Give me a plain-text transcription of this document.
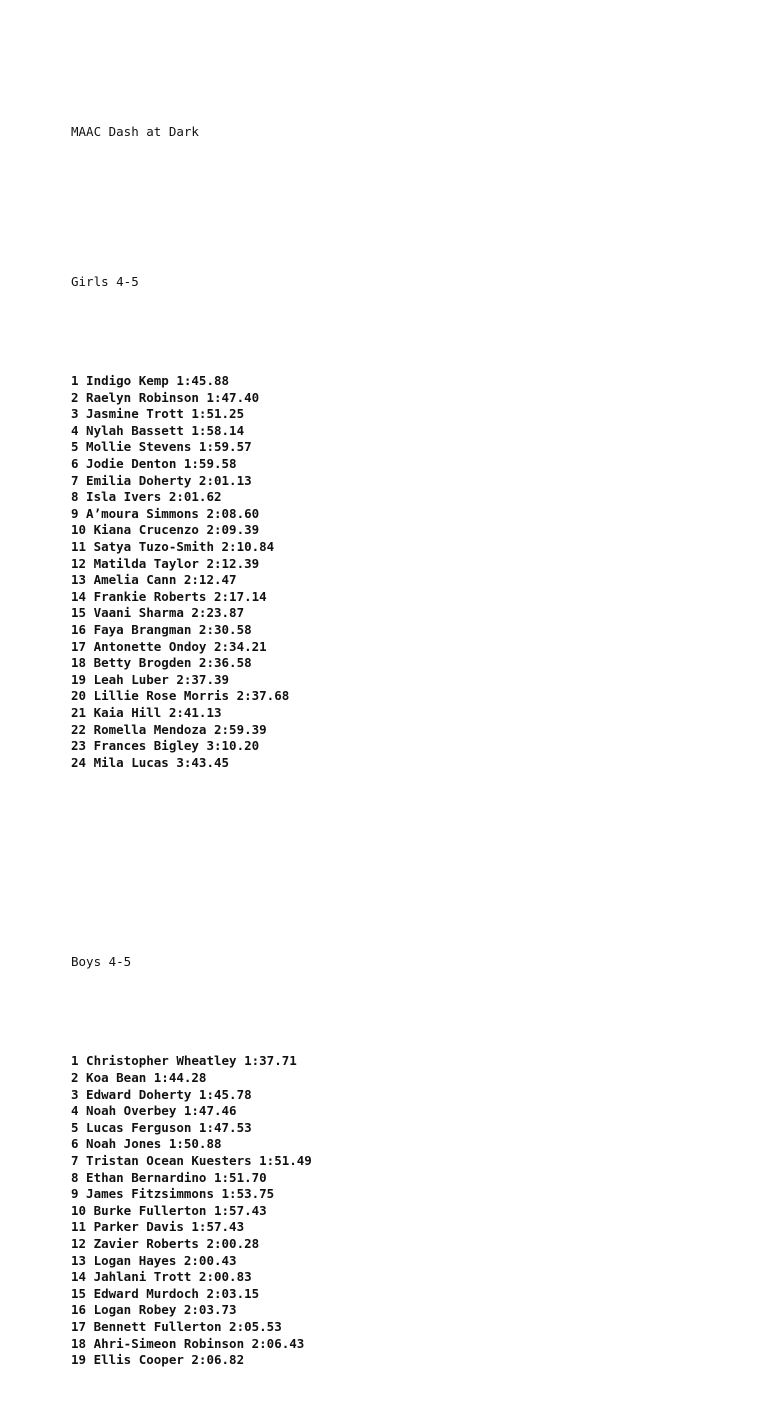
MAAC Dash at Dark

Girls 4-5

1 Indigo Kemp 1:45.88
2 Raelyn Robinson 1:47.40
3 Jasmine Trott 1:51.25
4 Nylah Bassett 1:58.14
5 Mollie Stevens 1:59.57
6 Jodie Denton 1:59.58
7 Emilia Doherty 2:01.13
8 Isla Ivers 2:01.62
9 A’moura Simmons 2:08.60
10 Kiana Crucenzo 2:09.39
11 Satya Tuzo-Smith 2:10.84
12 Matilda Taylor 2:12.39
13 Amelia Cann 2:12.47
14 Frankie Roberts 2:17.14
15 Vaani Sharma 2:23.87
16 Faya Brangman 2:30.58
17 Antonette Ondoy 2:34.21
18 Betty Brogden 2:36.58
19 Leah Luber 2:37.39
20 Lillie Rose Morris 2:37.68
21 Kaia Hill 2:41.13
22 Romella Mendoza 2:59.39
23 Frances Bigley 3:10.20
24 Mila Lucas 3:43.45

Boys 4-5

1 Christopher Wheatley 1:37.71
2 Koa Bean 1:44.28
3 Edward Doherty 1:45.78
4 Noah Overbey 1:47.46
5 Lucas Ferguson 1:47.53
6 Noah Jones 1:50.88
7 Tristan Ocean Kuesters 1:51.49
8 Ethan Bernardino 1:51.70
9 James Fitzsimmons 1:53.75
10 Burke Fullerton 1:57.43
11 Parker Davis 1:57.43
12 Zavier Roberts 2:00.28
13 Logan Hayes 2:00.43
14 Jahlani Trott 2:00.83
15 Edward Murdoch 2:03.15
16 Logan Robey 2:03.73
17 Bennett Fullerton 2:05.53
18 Ahri-Simeon Robinson 2:06.43
19 Ellis Cooper 2:06.82
